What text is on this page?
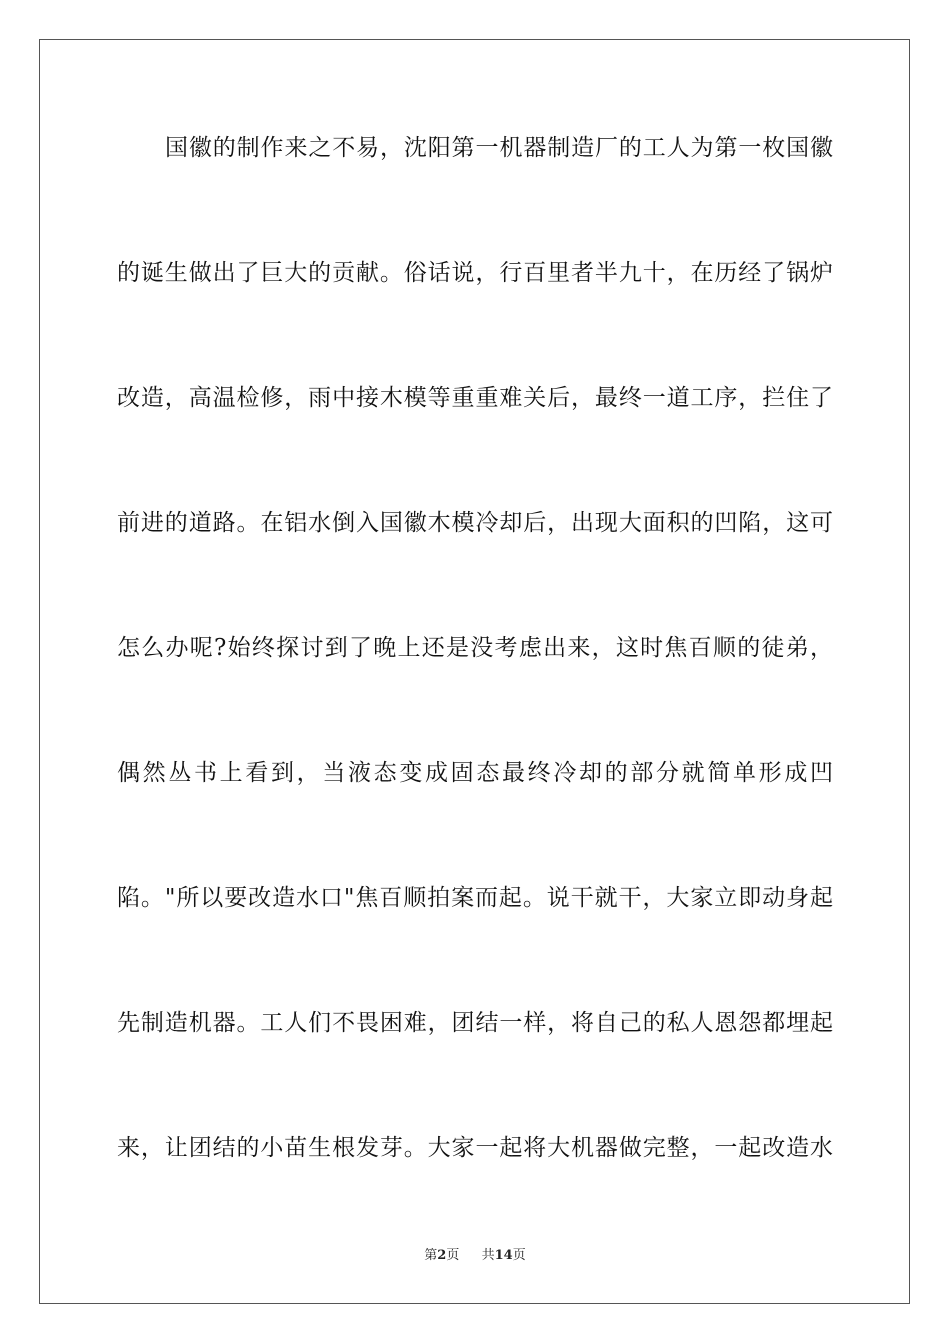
国徽的制作来之不易，沈阳第一机器制造厂的工人为第一枚国徽
的诞生做出了巨大的贡献。俗话说，行百里者半九十，在历经了锅炉
改造，高温检修，雨中接木模等重重难关后，最终一道工序，拦住了
前进的道路。在铝水倒入国徽木模冷却后，出现大面积的凹陷，这可
怎么办呢?始终探讨到了晚上还是没考虑出来，这时焦百顺的徒弟，
偶然丛书上看到，当液态变成固态最终冷却的部分就简单形成凹
陷。"所以要改造水口"焦百顺拍案而起。说干就干，大家立即动身起
先制造机器。工人们不畏困难，团结一样，将自己的私人恩怨都埋起
来，让团结的小苗生根发芽。大家一起将大机器做完整，一起改造水
第2页 共14页
